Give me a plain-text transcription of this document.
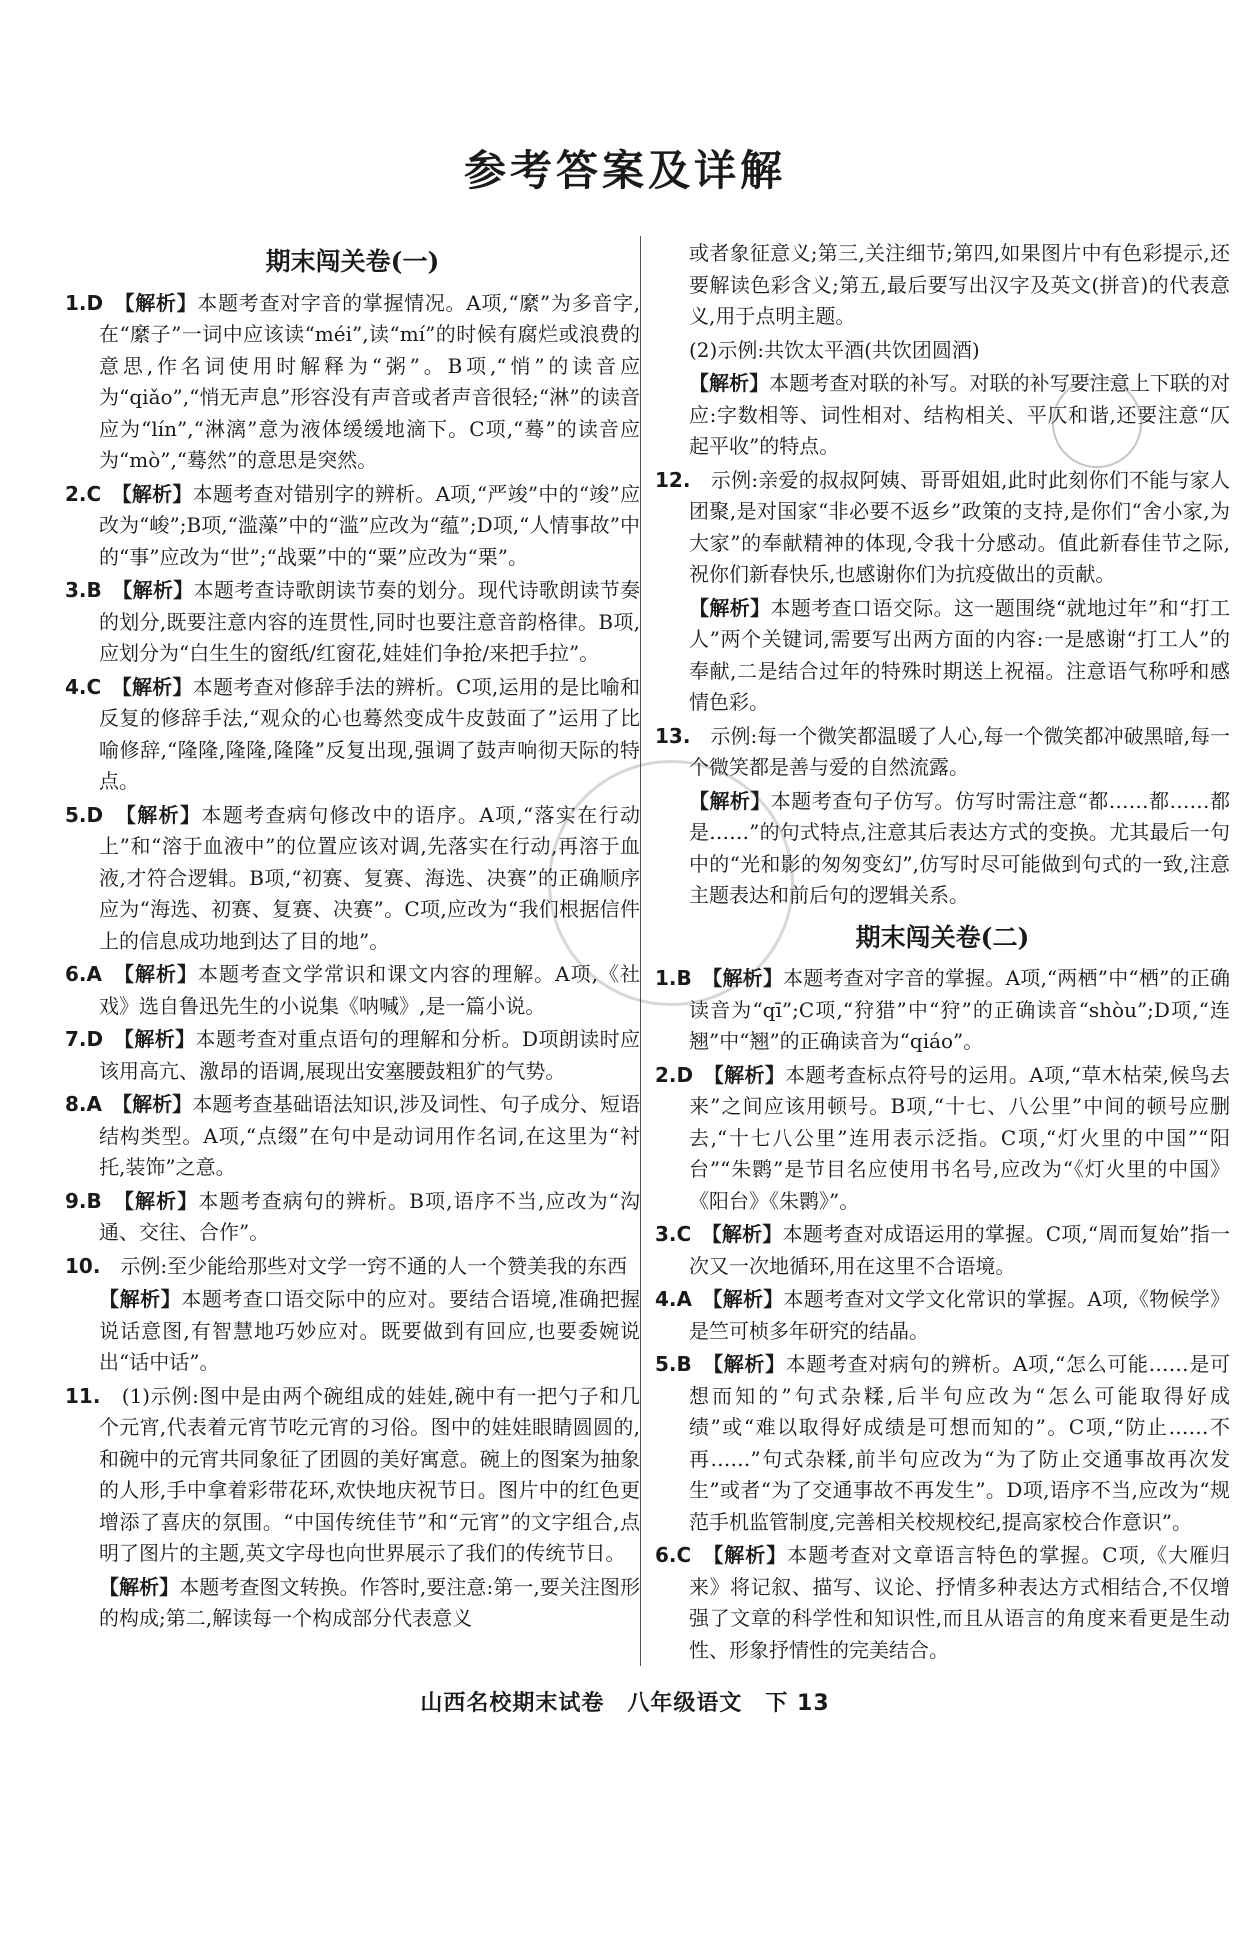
参考答案及详解
期末闯关卷(一)
1.D　【解析】本题考查对字音的掌握情况。A项,“縻”为多音字,在“縻子”一词中应该读“méi”,读“mí”的时候有腐烂或浪费的意思,作名词使用时解释为“粥”。B项,“悄”的读音应为“qiǎo”,“悄无声息”形容没有声音或者声音很轻;“淋”的读音应为“lín”,“淋漓”意为液体缓缓地滴下。C项,“蓦”的读音应为“mò”,“蓦然”的意思是突然。
2.C　【解析】本题考查对错别字的辨析。A项,“严竣”中的“竣”应改为“峻”;B项,“滥藻”中的“滥”应改为“蕴”;D项,“人情事故”中的“事”应改为“世”;“战粟”中的“粟”应改为“栗”。
3.B　【解析】本题考查诗歌朗读节奏的划分。现代诗歌朗读节奏的划分,既要注意内容的连贯性,同时也要注意音韵格律。B项,应划分为“白生生的窗纸/红窗花,娃娃们争抢/来把手拉”。
4.C　【解析】本题考查对修辞手法的辨析。C项,运用的是比喻和反复的修辞手法,“观众的心也蓦然变成牛皮鼓面了”运用了比喻修辞,“隆隆,隆隆,隆隆”反复出现,强调了鼓声响彻天际的特点。
5.D　【解析】本题考查病句修改中的语序。A项,“落实在行动上”和“溶于血液中”的位置应该对调,先落实在行动,再溶于血液,才符合逻辑。B项,“初赛、复赛、海选、决赛”的正确顺序应为“海选、初赛、复赛、决赛”。C项,应改为“我们根据信件上的信息成功地到达了目的地”。
6.A　【解析】本题考查文学常识和课文内容的理解。A项,《社戏》选自鲁迅先生的小说集《呐喊》,是一篇小说。
7.D　【解析】本题考查对重点语句的理解和分析。D项朗读时应该用高亢、激昂的语调,展现出安塞腰鼓粗犷的气势。
8.A　【解析】本题考查基础语法知识,涉及词性、句子成分、短语结构类型。A项,“点缀”在句中是动词用作名词,在这里为“衬托,装饰”之意。
9.B　【解析】本题考查病句的辨析。B项,语序不当,应改为“沟通、交往、合作”。
10.　示例:至少能给那些对文学一窍不通的人一个赞美我的东西
【解析】本题考查口语交际中的应对。要结合语境,准确把握说话意图,有智慧地巧妙应对。既要做到有回应,也要委婉说出“话中话”。
11.　(1)示例:图中是由两个碗组成的娃娃,碗中有一把勺子和几个元宵,代表着元宵节吃元宵的习俗。图中的娃娃眼睛圆圆的,和碗中的元宵共同象征了团圆的美好寓意。碗上的图案为抽象的人形,手中拿着彩带花环,欢快地庆祝节日。图片中的红色更增添了喜庆的氛围。“中国传统佳节”和“元宵”的文字组合,点明了图片的主题,英文字母也向世界展示了我们的传统节日。
【解析】本题考查图文转换。作答时,要注意:第一,要关注图形的构成;第二,解读每一个构成部分代表意义
或者象征意义;第三,关注细节;第四,如果图片中有色彩提示,还要解读色彩含义;第五,最后要写出汉字及英文(拼音)的代表意义,用于点明主题。
(2)示例:共饮太平酒(共饮团圆酒)
【解析】本题考查对联的补写。对联的补写要注意上下联的对应:字数相等、词性相对、结构相关、平仄和谐,还要注意“仄起平收”的特点。
12.　示例:亲爱的叔叔阿姨、哥哥姐姐,此时此刻你们不能与家人团聚,是对国家“非必要不返乡”政策的支持,是你们“舍小家,为大家”的奉献精神的体现,令我十分感动。值此新春佳节之际,祝你们新春快乐,也感谢你们为抗疫做出的贡献。
【解析】本题考查口语交际。这一题围绕“就地过年”和“打工人”两个关键词,需要写出两方面的内容:一是感谢“打工人”的奉献,二是结合过年的特殊时期送上祝福。注意语气称呼和感情色彩。
13.　示例:每一个微笑都温暖了人心,每一个微笑都冲破黑暗,每一个微笑都是善与爱的自然流露。
【解析】本题考查句子仿写。仿写时需注意“都……都……都是……”的句式特点,注意其后表达方式的变换。尤其最后一句中的“光和影的匆匆变幻”,仿写时尽可能做到句式的一致,注意主题表达和前后句的逻辑关系。
期末闯关卷(二)
1.B　【解析】本题考查对字音的掌握。A项,“两栖”中“栖”的正确读音为“qī”;C项,“狩猎”中“狩”的正确读音“shòu”;D项,“连翘”中“翘”的正确读音为“qiáo”。
2.D　【解析】本题考查标点符号的运用。A项,“草木枯荣,候鸟去来”之间应该用顿号。B项,“十七、八公里”中间的顿号应删去,“十七八公里”连用表示泛指。C项,“灯火里的中国”“阳台”“朱鹮”是节目名应使用书名号,应改为“《灯火里的中国》《阳台》《朱鹮》”。
3.C　【解析】本题考查对成语运用的掌握。C项,“周而复始”指一次又一次地循环,用在这里不合语境。
4.A　【解析】本题考查对文学文化常识的掌握。A项,《物候学》是竺可桢多年研究的结晶。
5.B　【解析】本题考查对病句的辨析。A项,“怎么可能……是可想而知的”句式杂糅,后半句应改为“怎么可能取得好成绩”或“难以取得好成绩是可想而知的”。C项,“防止……不再……”句式杂糅,前半句应改为“为了防止交通事故再次发生”或者“为了交通事故不再发生”。D项,语序不当,应改为“规范手机监管制度,完善相关校规校纪,提高家校合作意识”。
6.C　【解析】本题考查对文章语言特色的掌握。C项,《大雁归来》将记叙、描写、议论、抒情多种表达方式相结合,不仅增强了文章的科学性和知识性,而且从语言的角度来看更是生动性、形象抒情性的完美结合。
山西名校期末试卷　八年级语文　下 13
